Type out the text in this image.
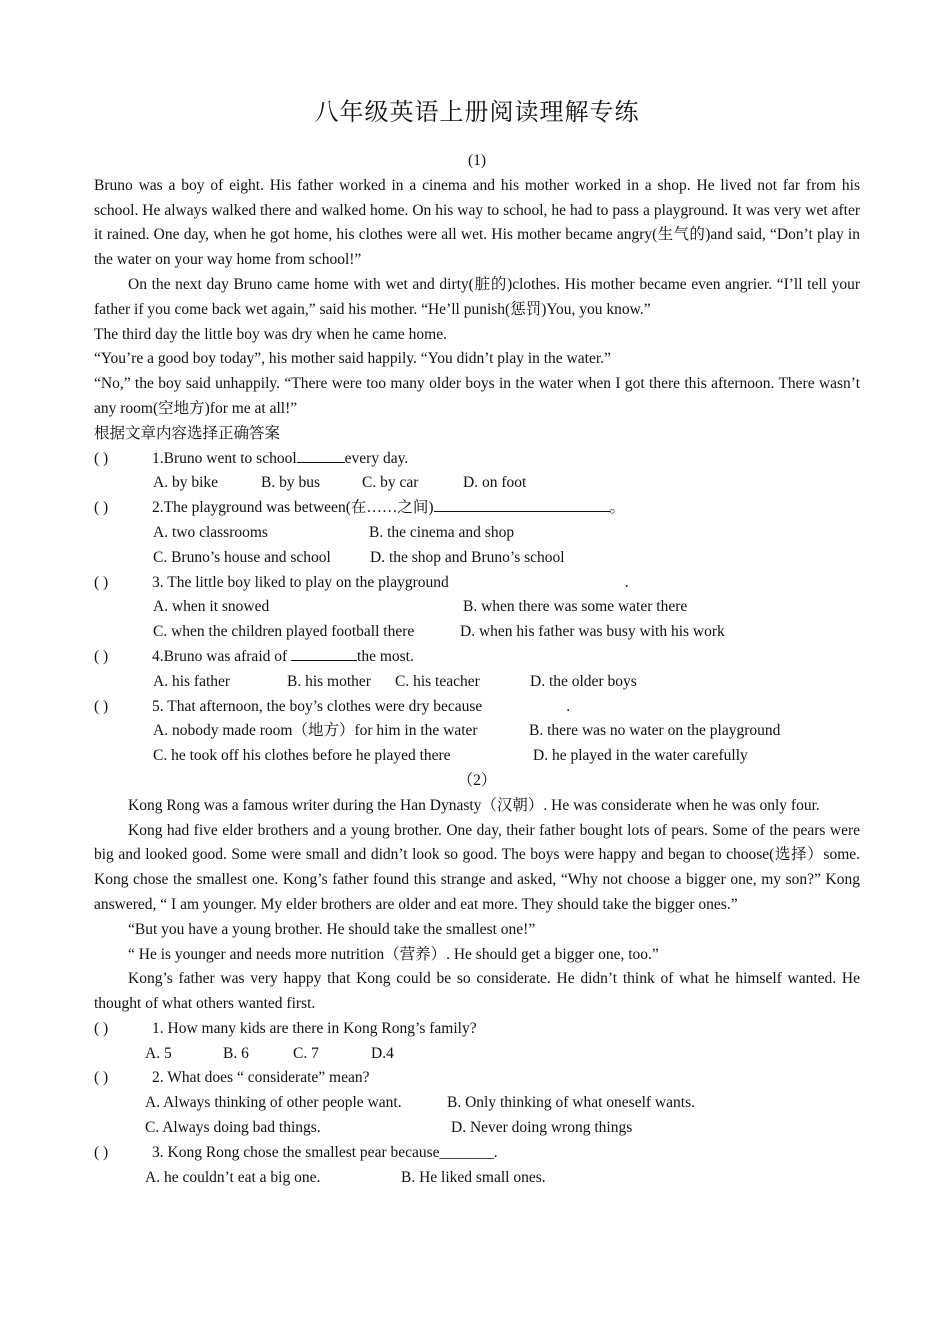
八年级英语上册阅读理解专练
(1)

Bruno was a boy of eight. His father worked in a cinema and his mother worked in a shop. He lived not far from his school. He always walked there and walked home. On his way to school, he had to pass a playground. It was very wet after it rained. One day, when he got home, his clothes were all wet. His mother became angry(生气的)and said, “Don’t play in the water on your way home from school!”

On the next day Bruno came home with wet and dirty(脏的)clothes. His mother became even angrier. “I’ll tell your father if you come back wet again,” said his mother. “He’ll punish(惩罚)You, you know.”

The third day the little boy was dry when he came home.

“You’re a good boy today”, his mother said happily. “You didn’t play in the water.”

“No,” the boy said unhappily. “There were too many older boys in the water when I got there this afternoon. There wasn’t any room(空地方)for me at all!”

根据文章内容选择正确答案

( )	1.Bruno went to school	every day.

A. by bike	B. by bus	C. by car	D. on foot

( )	2.The playground was between(在……之间)	。

A. two classrooms	B. the cinema and shop
C. Bruno’s house and school	D. the shop and Bruno’s school

( )	3. The little boy liked to play on the playground	.

A. when it snowed	B. when there was some water there
C. when the children played football there	D. when his father was busy with his work

( )	4.Bruno was afraid of	the most.

A. his father	B. his mother C. his teacher	D. the older boys

( )	5. That afternoon, the boy’s clothes were dry because	.

A. nobody made room（地方）for him in the water	B. there was no water on the playground
C. he took off his clothes before he played there	D. he played in the water carefully
（2）

Kong Rong was a famous writer during the Han Dynasty（汉朝）. He was considerate when he was only four.

Kong had five elder brothers and a young brother. One day, their father bought lots of pears. Some of the pears were big and looked good. Some were small and didn’t look so good. The boys were happy and began to choose(选择）some. Kong chose the smallest one. Kong’s father found this strange and asked, “Why not choose a bigger one, my son?” Kong answered, “ I am younger. My elder brothers are older and eat more. They should take the bigger ones.”

“But you have a young brother. He should take the smallest one!”

“ He is younger and needs more nutrition（营养）. He should get a bigger one, too.”

Kong’s father was very happy that Kong could be so considerate. He didn’t think of what he himself wanted. He thought of what others wanted first.

( )	1. How many kids are there in Kong Rong’s family?

A. 5	B. 6	C. 7	D.4

( )	2. What does “ considerate” mean?

A. Always thinking of other people want.	B. Only thinking of what oneself wants.
C. Always doing bad things.	D. Never doing wrong things

( )	3. Kong Rong chose the smallest pear because_______.

A. he couldn’t eat a big one.	B. He liked small ones.
